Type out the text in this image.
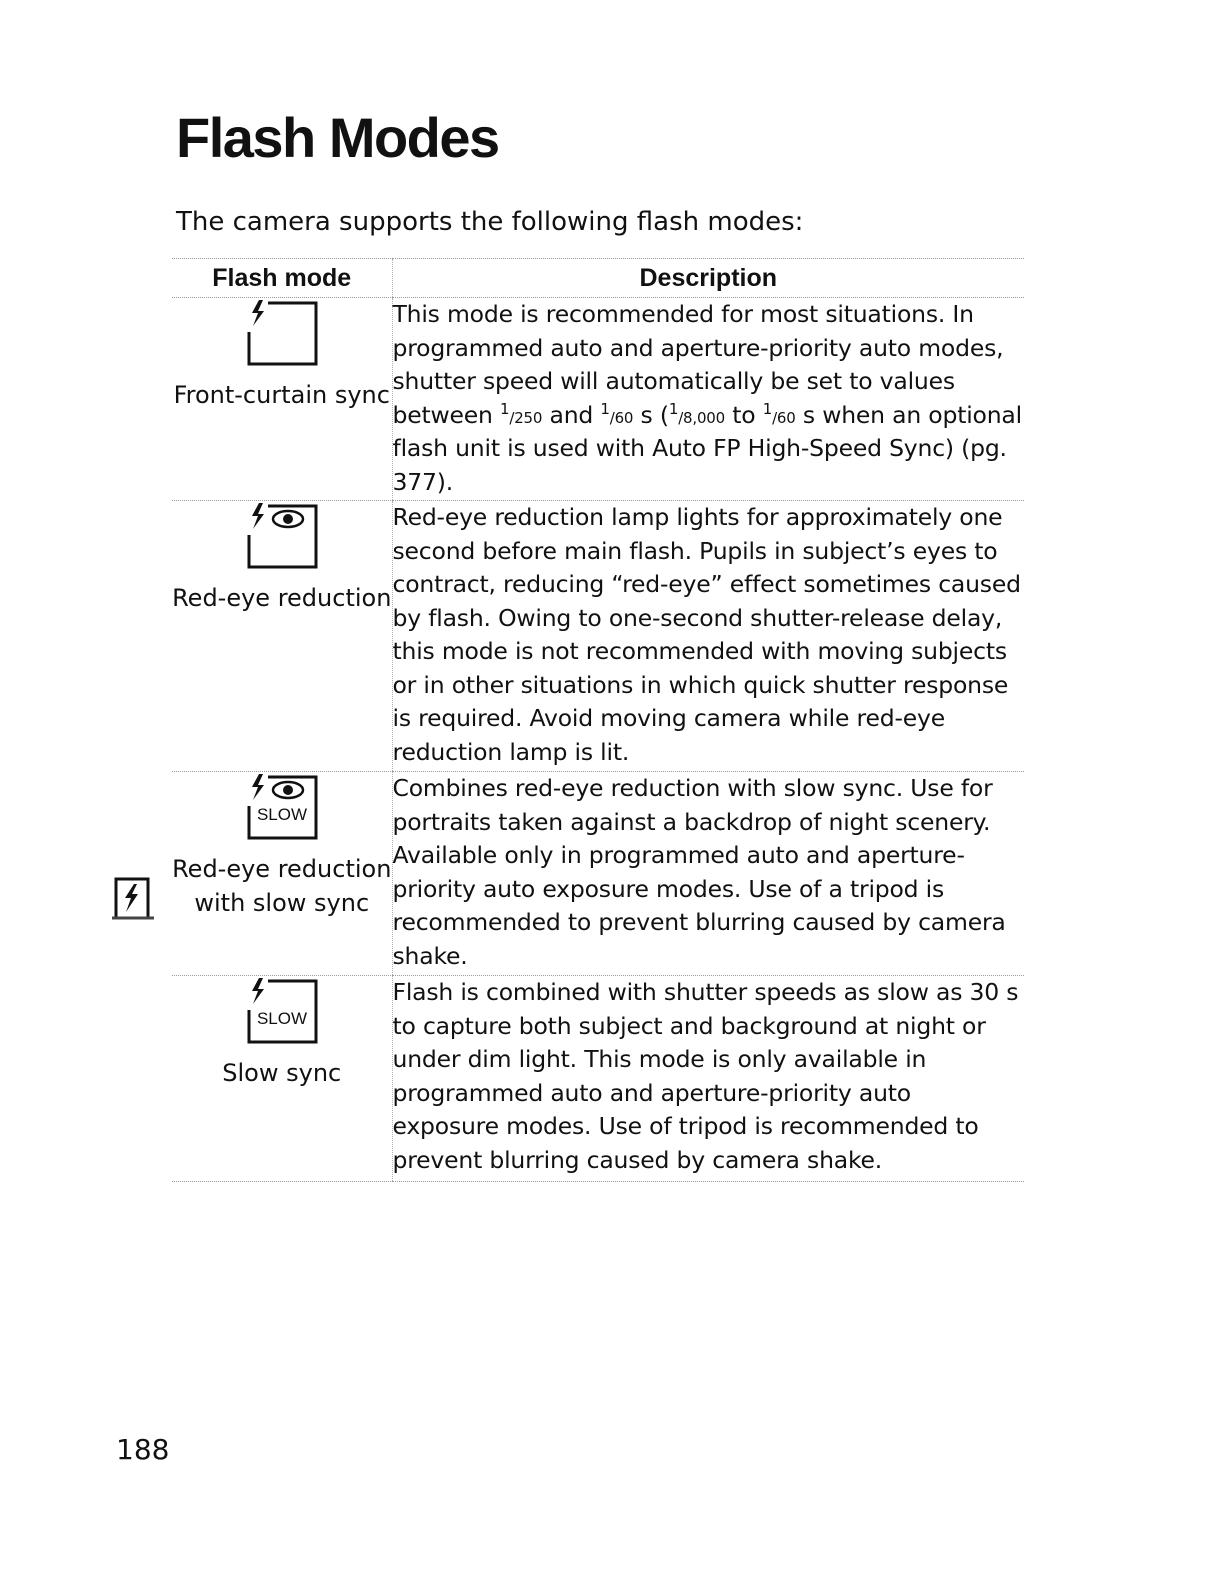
Flash Modes

The camera supports the following flash modes:

Flash mode	Description

Front-curtain sync	This mode is recommended for most situations. In programmed auto and aperture-priority auto modes, shutter speed will automatically be set to values between $^1$/250 and $^1$/60 s ($^1$/8,000 to $^1$/60 s when an optional flash unit is used with Auto FP High-Speed Sync) (pg. 377).

Red-eye reduction	Red-eye reduction lamp lights for approximately one second before main flash. Pupils in subject’s eyes to contract, reducing “red-eye” effect sometimes caused by flash. Owing to one-second shutter-release delay, this mode is not recommended with moving subjects or in other situations in which quick shutter response is required. Avoid moving camera while red-eye reduction lamp is lit.

SLOW
Red-eye reduction with slow sync	Combines red-eye reduction with slow sync. Use for portraits taken against a backdrop of night scenery. Available only in programmed auto and aperture-priority auto exposure modes. Use of a tripod is recommended to prevent blurring caused by camera shake.

SLOW
Slow sync	Flash is combined with shutter speeds as slow as 30 s to capture both subject and background at night or under dim light. This mode is only available in programmed auto and aperture-priority auto exposure modes. Use of tripod is recommended to prevent blurring caused by camera shake.
188
